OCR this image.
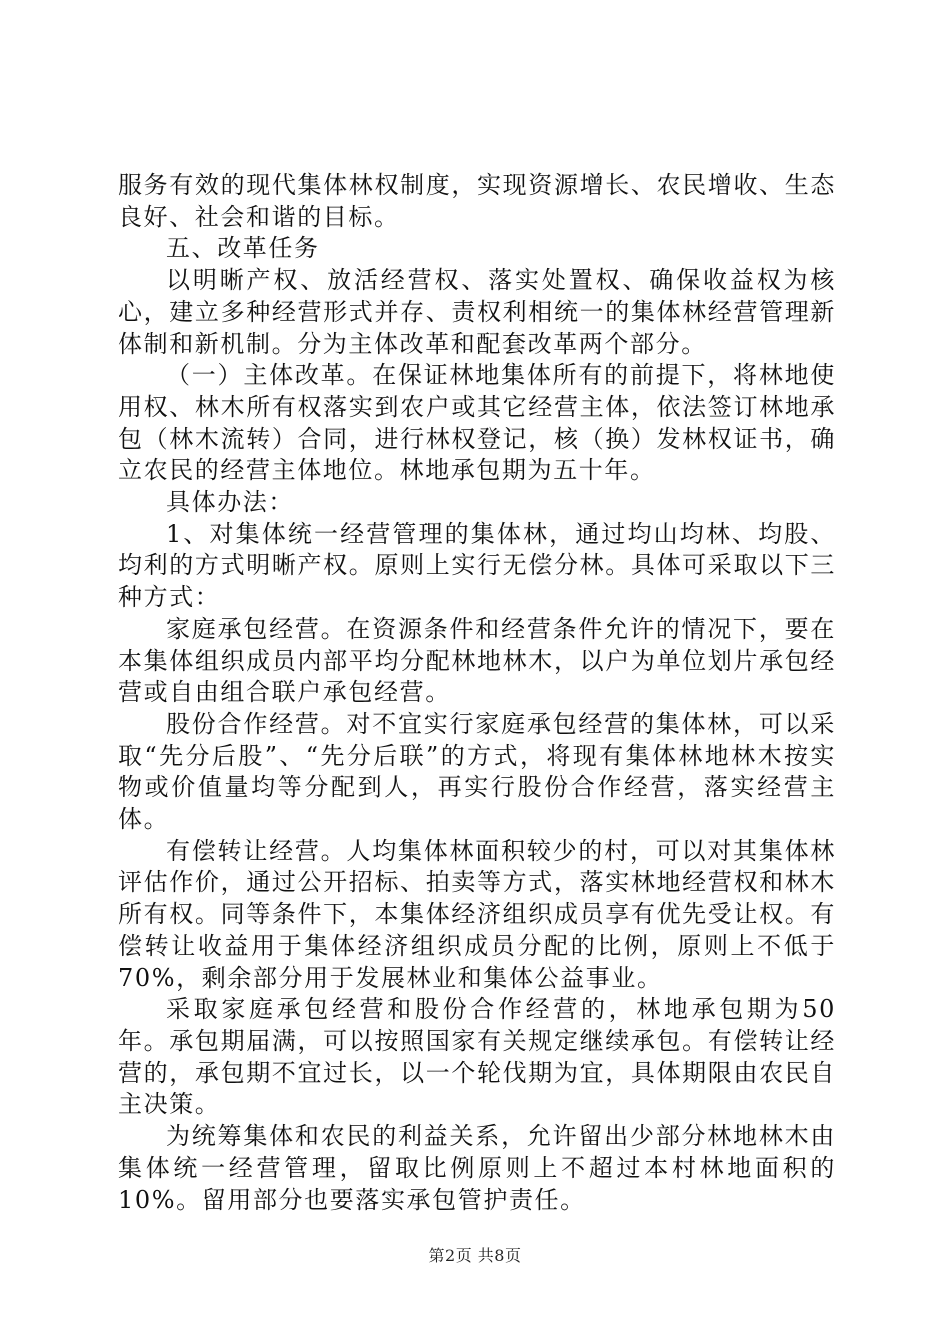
服务有效的现代集体林权制度，实现资源增长、农民增收、生态良好、社会和谐的目标。

五、改革任务

以明晰产权、放活经营权、落实处置权、确保收益权为核心，建立多种经营形式并存、责权利相统一的集体林经营管理新体制和新机制。分为主体改革和配套改革两个部分。

（一）主体改革。在保证林地集体所有的前提下，将林地使用权、林木所有权落实到农户或其它经营主体，依法签订林地承包（林木流转）合同，进行林权登记，核（换）发林权证书，确立农民的经营主体地位。林地承包期为五十年。

具体办法：

1、对集体统一经营管理的集体林，通过均山均林、均股、均利的方式明晰产权。原则上实行无偿分林。具体可采取以下三种方式：

家庭承包经营。在资源条件和经营条件允许的情况下，要在本集体组织成员内部平均分配林地林木，以户为单位划片承包经营或自由组合联户承包经营。

股份合作经营。对不宜实行家庭承包经营的集体林，可以采取“先分后股”、“先分后联”的方式，将现有集体林地林木按实物或价值量均等分配到人，再实行股份合作经营，落实经营主体。

有偿转让经营。人均集体林面积较少的村，可以对其集体林评估作价，通过公开招标、拍卖等方式，落实林地经营权和林木所有权。同等条件下，本集体经济组织成员享有优先受让权。有偿转让收益用于集体经济组织成员分配的比例，原则上不低于70%，剩余部分用于发展林业和集体公益事业。

采取家庭承包经营和股份合作经营的，林地承包期为50年。承包期届满，可以按照国家有关规定继续承包。有偿转让经营的，承包期不宜过长，以一个轮伐期为宜，具体期限由农民自主决策。

为统筹集体和农民的利益关系，允许留出少部分林地林木由集体统一经营管理，留取比例原则上不超过本村林地面积的10%。留用部分也要落实承包管护责任。

第2页 共8页
